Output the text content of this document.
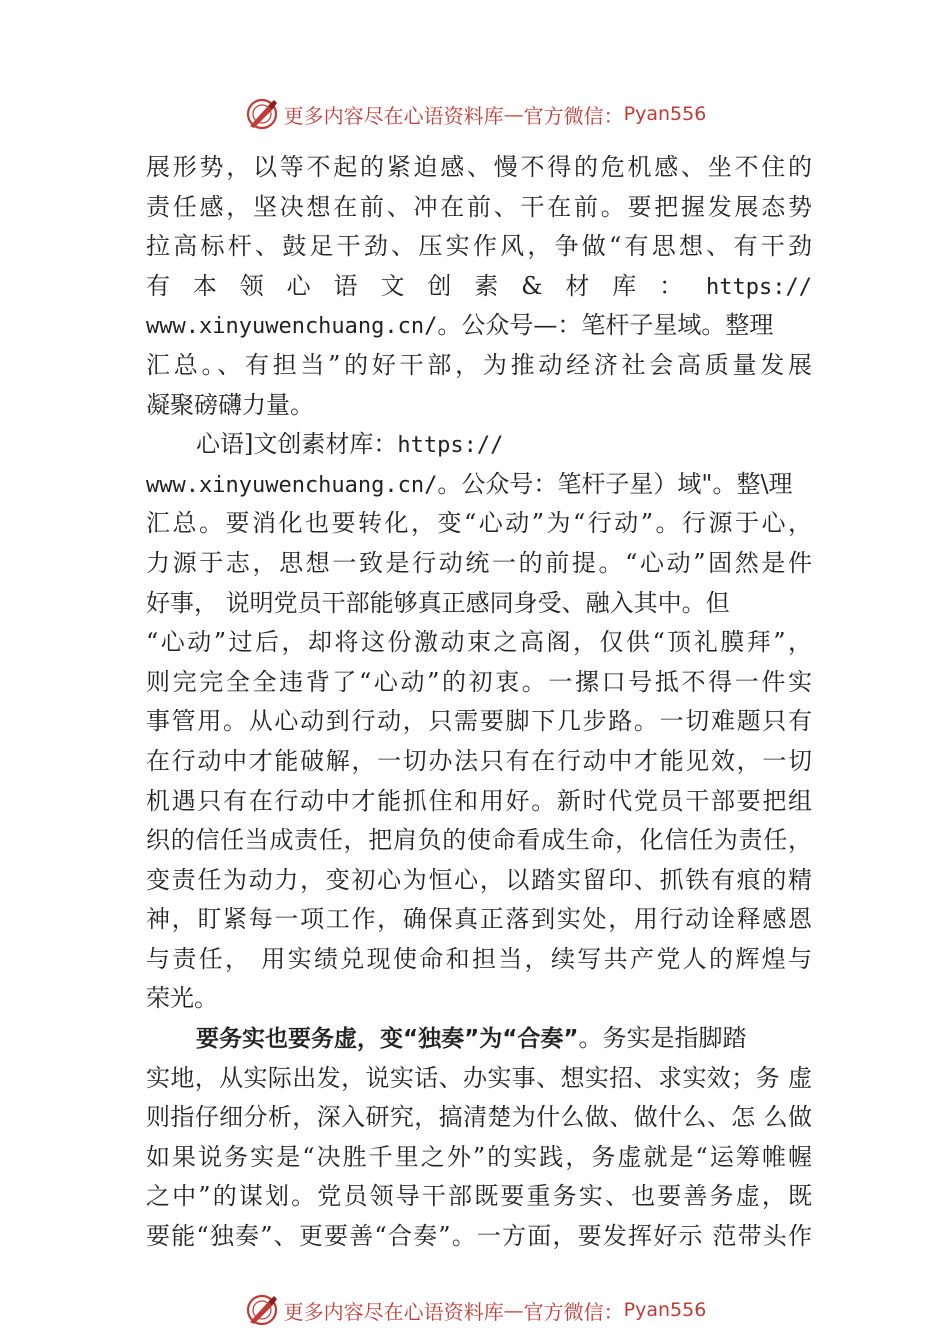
更多内容尽在心语资料库 — 官方微信： Pyan556
展形势，以等不起的紧迫感、慢不得的危机感、坐不住的
责任感，坚决想在前、冲在前、干在前。要把握发展态势
拉高标杆、鼓足干劲、压实作风，争做“有思想、有干劲
有本领心语文创素&材库：https://
www.xinyuwenchuang.cn/。公众号—：笔杆子星域。整理
汇总。、有担当”的好干部，为推动经济社会高质量发展
凝聚磅礴力量。
心语]文创素材库：https://
www.xinyuwenchuang.cn/。公众号：笔杆子星）域"。整\理
汇总。要消化也要转化，变“心动”为“行动”。行源于心，
力源于志，思想一致是行动统一的前提。“心动”固然是件
好事， 说明党员干部能够真正感同身受、融入其中。但
“心动”过后，却将这份激动束之高阁，仅供“顶礼膜拜”，
则完完全全违背了“心动”的初衷。一摞口号抵不得一件实
事管用。从心动到行动，只需要脚下几步路。一切难题只有
在行动中才能破解，一切办法只有在行动中才能见效，一切
机遇只有在行动中才能抓住和用好。新时代党员干部要把组
织的信任当成责任，把肩负的使命看成生命，化信任为责任，
变责任为动力，变初心为恒心，以踏实留印、抓铁有痕的精
神，盯紧每一项工作，确保真正落到实处，用行动诠释感恩
与责任， 用实绩兑现使命和担当，续写共产党人的辉煌与
荣光。
要务实也要务虚，变“独奏”为“合奏”。务实是指脚踏
实地，从实际出发，说实话、办实事、想实招、求实效；务 虚
则指仔细分析，深入研究，搞清楚为什么做、做什么、怎 么做
如果说务实是“决胜千里之外”的实践，务虚就是“运筹帷幄
之中”的谋划。党员领导干部既要重务实、也要善务虚，既
要能“独奏”、更要善“合奏”。一方面，要发挥好示 范带头作
更多内容尽在心语资料库 — 官方微信： Pyan556
